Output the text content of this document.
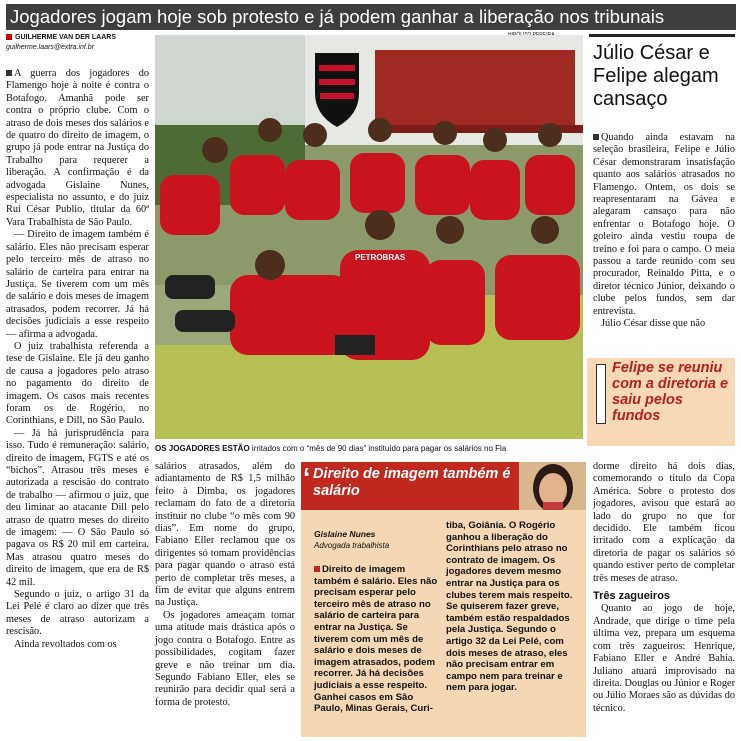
Jogadores jogam hoje sob protesto e já podem ganhar a liberação nos tribunais
GUILHERME VAN DER LAARS
guilherme.laars@extra.inf.br

A guerra dos jogadores do Flamengo hoje à noite é contra o Botafogo. Amanhã pode ser contra o próprio clube. Com o atraso de dois meses dos salários e de quatro do direito de imagem, o grupo já pode entrar na Justiça do Trabalho para requerer a liberação. A confirmação é da advogada Gislaine Nunes, especialista no assunto, e do juiz Rui César Publio, titular da 60ª Vara Trabalhista de São Paulo.

— Direito de imagem também é salário. Eles não precisam esperar pelo terceiro mês de atraso no salário de carteira para entrar na Justiça. Se tiverem com um mês de salário e dois meses de imagem atrasados, podem recorrer. Já há decisões judiciais a esse respeito — afirma a advogada.

O juiz trabalhista referenda a tese de Gislaine. Ele já deu ganho de causa a jogadores pelo atraso no pagamento do direito de imagem. Os casos mais recentes foram os de Rogério, no Corinthians, e Dill, no São Paulo.

— Já há jurisprudência para isso. Tudo é remuneração: salário, direito de imagem, FGTS e até os “bichos”. Atrasou três meses é autorizada a rescisão do contrato de trabalho — afirmou o juiz, que deu liminar ao atacante Dill pelo atraso de quatro meses do direito de imagem: — O São Paulo só pagava os R$ 20 mil em carteira. Mas atrasou quatro meses do direito de imagem, que era de R$ 42 mil.

Segundo o juiz, o artigo 31 da Lei Pelé é claro ao dizer que três meses de atraso autorizam a rescisão.

Ainda revoltados com os

PETROBRAS
OS JOGADORES ESTÃO irritados com o “mês de 90 dias” instituído para pagar os salários no Fla

salários atrasados, além do adiantamento de R$ 1,5 milhão feito à Dimba, os jogadores reclamam do fato de a diretoria instituir no clube “o mês com 90 dias”. Em nome do grupo, Fabiano Eller reclamou que os dirigentes só tomam providências para pagar quando o atraso está perto de completar três meses, a fim de evitar que alguns entrem na Justiça.

Os jogadores ameaçam tomar uma atitude mais drástica após o jogo contra o Botafogo. Entre as possibilidades, cogitam fazer greve e não treinar um dia. Segundo Fabiano Eller, eles se reunirão para decidir qual será a forma de protesto.

‘ Direito de imagem também é salário
Gislaine Nunes
Advogada trabalhista
Direito de imagem também é salário. Eles não precisam esperar pelo terceiro mês de atraso no salário de carteira para entrar na Justiça. Se tiverem com um mês de salário e dois meses de imagem atrasados, podem recorrer. Já há decisões judiciais a esse respeito. Ganhei casos em São Paulo, Minas Gerais, Curi-
tiba, Goiânia. O Rogério ganhou a liberação do Corinthians pelo atraso no contrato de imagem. Os jogadores devem mesmo entrar na Justiça para os clubes terem mais respeito. Se quiserem fazer greve, também estão respaldados pela Justiça. Segundo o artigo 32 da Lei Pelé, com dois meses de atraso, eles não precisam entrar em campo nem para treinar e nem para jogar.
Júlio César e Felipe alegam cansaço

Quando ainda estavam na seleção brasileira, Felipe e Júlio César demonstraram insatisfação quanto aos salários atrasados no Flamengo. Ontem, os dois se reapresentaram na Gávea e alegaram cansaço para não enfrentar o Botafogo hoje. O goleiro ainda vestiu roupa de treino e foi para o campo. O meia passou a tarde reunido com seu procurador, Reinaldo Pitta, e o diretor técnico Júnior, deixando o clube pelos fundos, sem dar entrevista.

Júlio César disse que não

Felipe se reuniu com a diretoria e saiu pelos fundos

dorme direito há dois dias, comemorando o título da Copa América. Sobre o protesto dos jogadores, avisou que estará ao lado do grupo no que for decidido. Ele também ficou irritado com a explicação da diretoria de pagar os salários só quando estiver perto de completar três meses de atraso.

Três zagueiros

Quanto ao jogo de hoje, Andrade, que dirige o time pela última vez, prepara um esquema com três zagueiros: Henrique, Fabiano Eller e André Bahia. Juliano atuará improvisado na direita. Douglas ou Júnior e Roger ou Júlio Moraes são as dúvidas do técnico.
